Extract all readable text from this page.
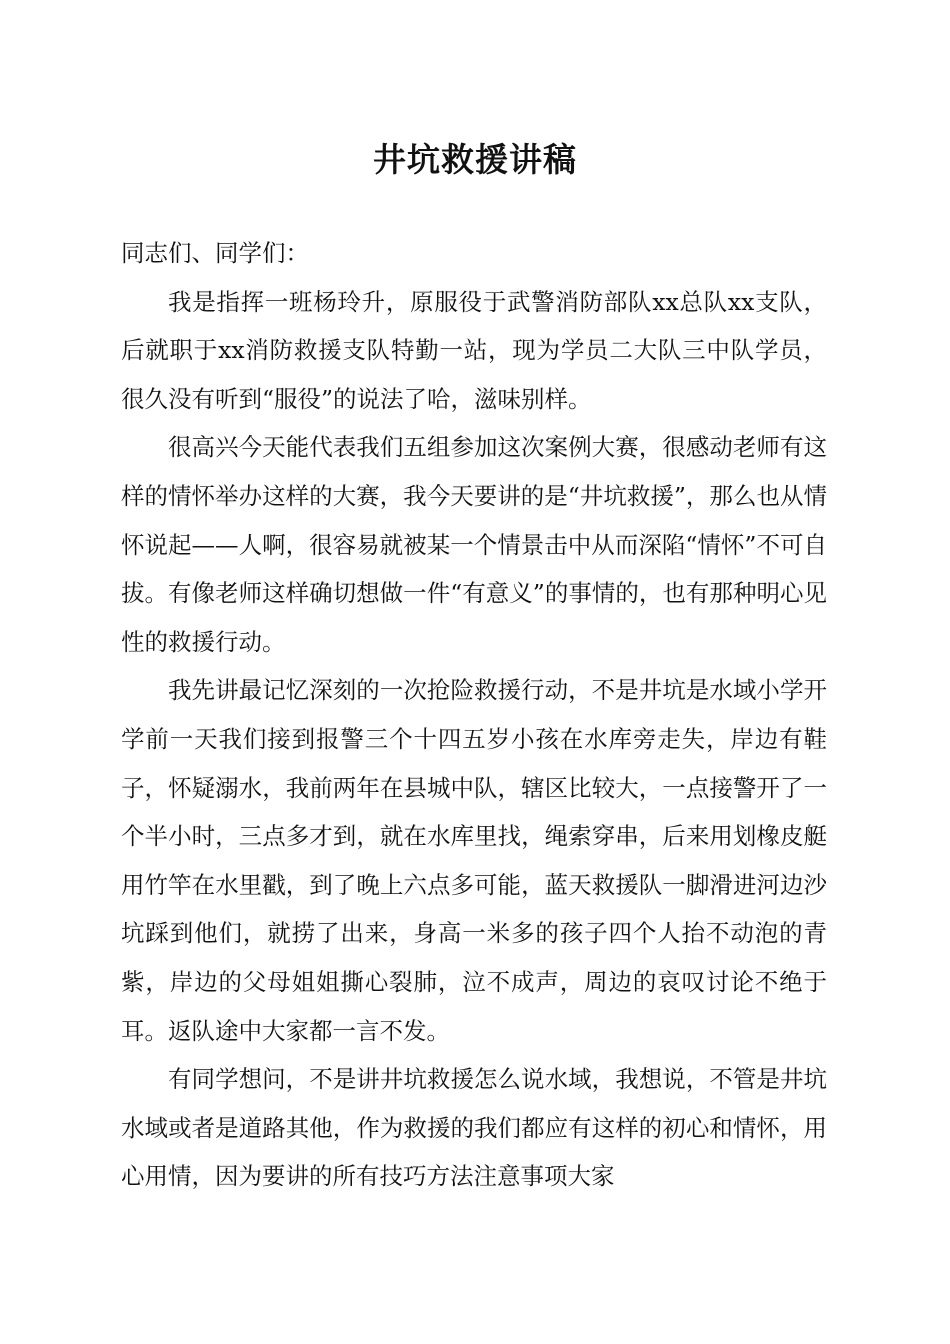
井坑救援讲稿

同志们、同学们：

我是指挥一班杨玲升，原服役于武警消防部队xx总队xx支队，后就职于xx消防救援支队特勤一站，现为学员二大队三中队学员，很久没有听到“服役”的说法了哈，滋味别样。

很高兴今天能代表我们五组参加这次案例大赛，很感动老师有这样的情怀举办这样的大赛，我今天要讲的是“井坑救援”，那么也从情怀说起——人啊，很容易就被某一个情景击中从而深陷“情怀”不可自拔。有像老师这样确切想做一件“有意义”的事情的，也有那种明心见性的救援行动。

我先讲最记忆深刻的一次抢险救援行动，不是井坑是水域小学开学前一天我们接到报警三个十四五岁小孩在水库旁走失，岸边有鞋子，怀疑溺水，我前两年在县城中队，辖区比较大，一点接警开了一个半小时，三点多才到，就在水库里找，绳索穿串，后来用划橡皮艇用竹竿在水里戳，到了晚上六点多可能，蓝天救援队一脚滑进河边沙坑踩到他们，就捞了出来，身高一米多的孩子四个人抬不动泡的青紫，岸边的父母姐姐撕心裂肺，泣不成声，周边的哀叹讨论不绝于耳。返队途中大家都一言不发。

有同学想问，不是讲井坑救援怎么说水域，我想说，不管是井坑水域或者是道路其他，作为救援的我们都应有这样的初心和情怀，用心用情，因为要讲的所有技巧方法注意事项大家
